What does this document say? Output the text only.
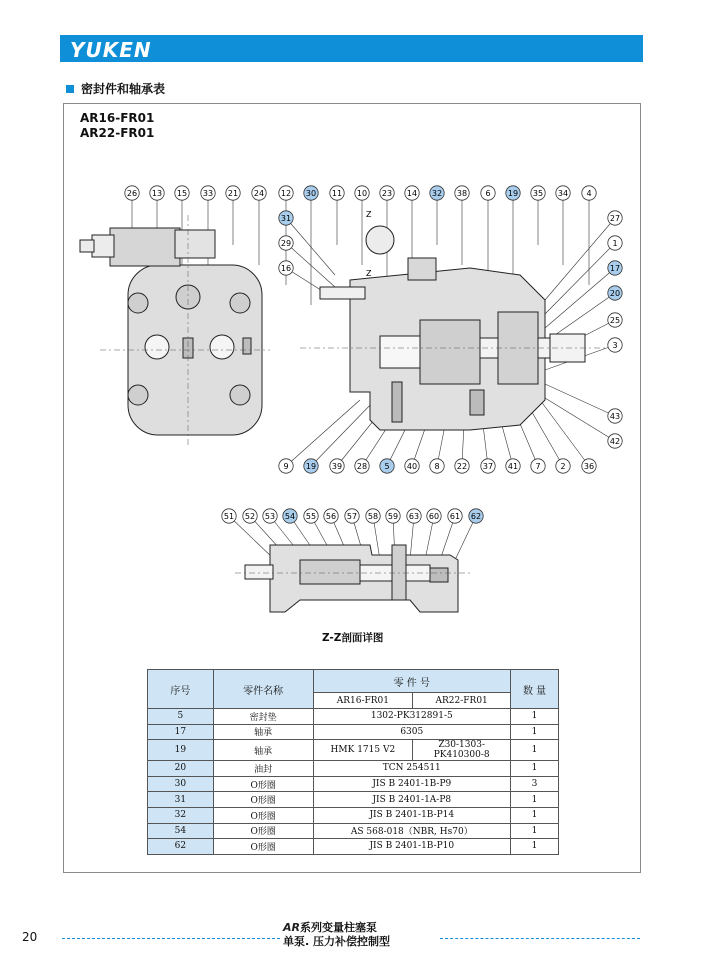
YUKEN
密封件和轴承表
AR16-FR01
AR22-FR01
26 13 15 33 21 24 12 30 11 10 23 14 32 38 6 19 35 34 4
31
29
16
27
1
17
20
25
3
43
42
9 19 39 28 5 40 8 22 37 41 7 2 36
51 52 53 54 55 56 57 58 59 63 60 61 62
Z
Z
Z-Z剖面详图
序号	零件名称	零 件 号		数 量
		AR16-FR01	AR22-FR01	
5	密封垫	1302-PK312891-5		1
17	轴承	6305		1
19	轴承	HMK 1715 V2	Z30-1303-PK410300-8	1
20	油封	TCN 254511		1
30	O形圈	JIS B 2401-1B-P9		3
31	O形圈	JIS B 2401-1A-P8		1
32	O形圈	JIS B 2401-1B-P14		1
54	O形圈	AS 568-018（NBR, Hs70）		1
62	O形圈	JIS B 2401-1B-P10		1
20
AR系列变量柱塞泵
单泵. 压力补偿控制型
